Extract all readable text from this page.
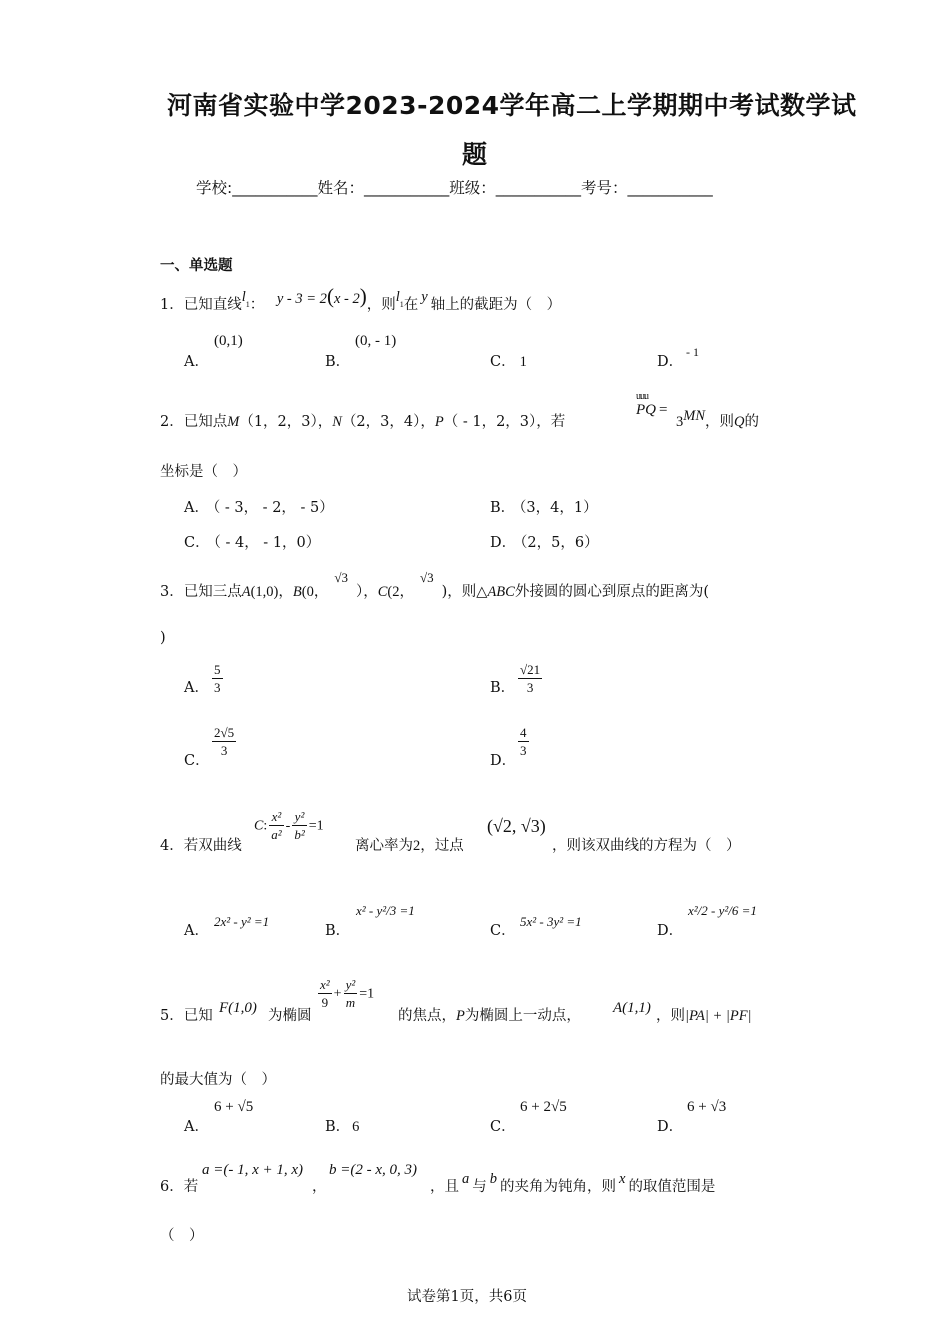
河南省实验中学2023-2024学年高二上学期期中考试数学试
题
学校:___________姓名：___________班级：___________考号：___________
一、单选题
1．已知直线$l_1$： y - 3 = 2(x - 2)，则$l_1$在 y 轴上的截距为（　）
A．
(0,1)
B．
(0, - 1)
C． 1	D．
- 1
2．已知点M（1，2，3），N（2，3，4），P（ - 1，2，3），若
uuu
PQ =
3MN，则Q的
坐标是（　）
A． （ - 3， - 2， - 5）	B． （3，4，1）
C． （ - 4， - 1，0）	D． （2，5，6）
3．已知三点A(1,0)，B(0，√3），C(2，√3)，则△ABC外接圆的圆心到原点的距离为(
)
A． $\frac{5}{3}$	B． $\frac{√21}{3}$
C．
$\frac{2√5}{3}$
D．
$\frac{4}{3}$
4．若双曲线
C: $\frac{\text{x²}}{\text{a²}} - \frac{\text{y²}}{\text{b²}} =1$
离心率为2，过点
(√2, √3)
，则该双曲线的方程为（　）
A．
2x² - y² =1
B．
x² - y²/3 =1
C．
5x² - 3y² =1
D．
x²/2 - y²/6 =1
5．已知 F(1,0) 为椭圆
$\frac{\text{x²}}{9} + \frac{\text{y²}}{m} =1$
的焦点，P为椭圆上一动点， A(1,1) ，则|PA| + |PF|
的最大值为（　）
A．
6 + √5
B． 6	C．
6 + 2√5
D．
6 + √3
6．若
a =(- 1, x + 1, x)
，
b =(2 - x, 0, 3)
，且 a 与 b 的夹角为钝角，则 x 的取值范围是
（　）
试卷第1页，共6页
